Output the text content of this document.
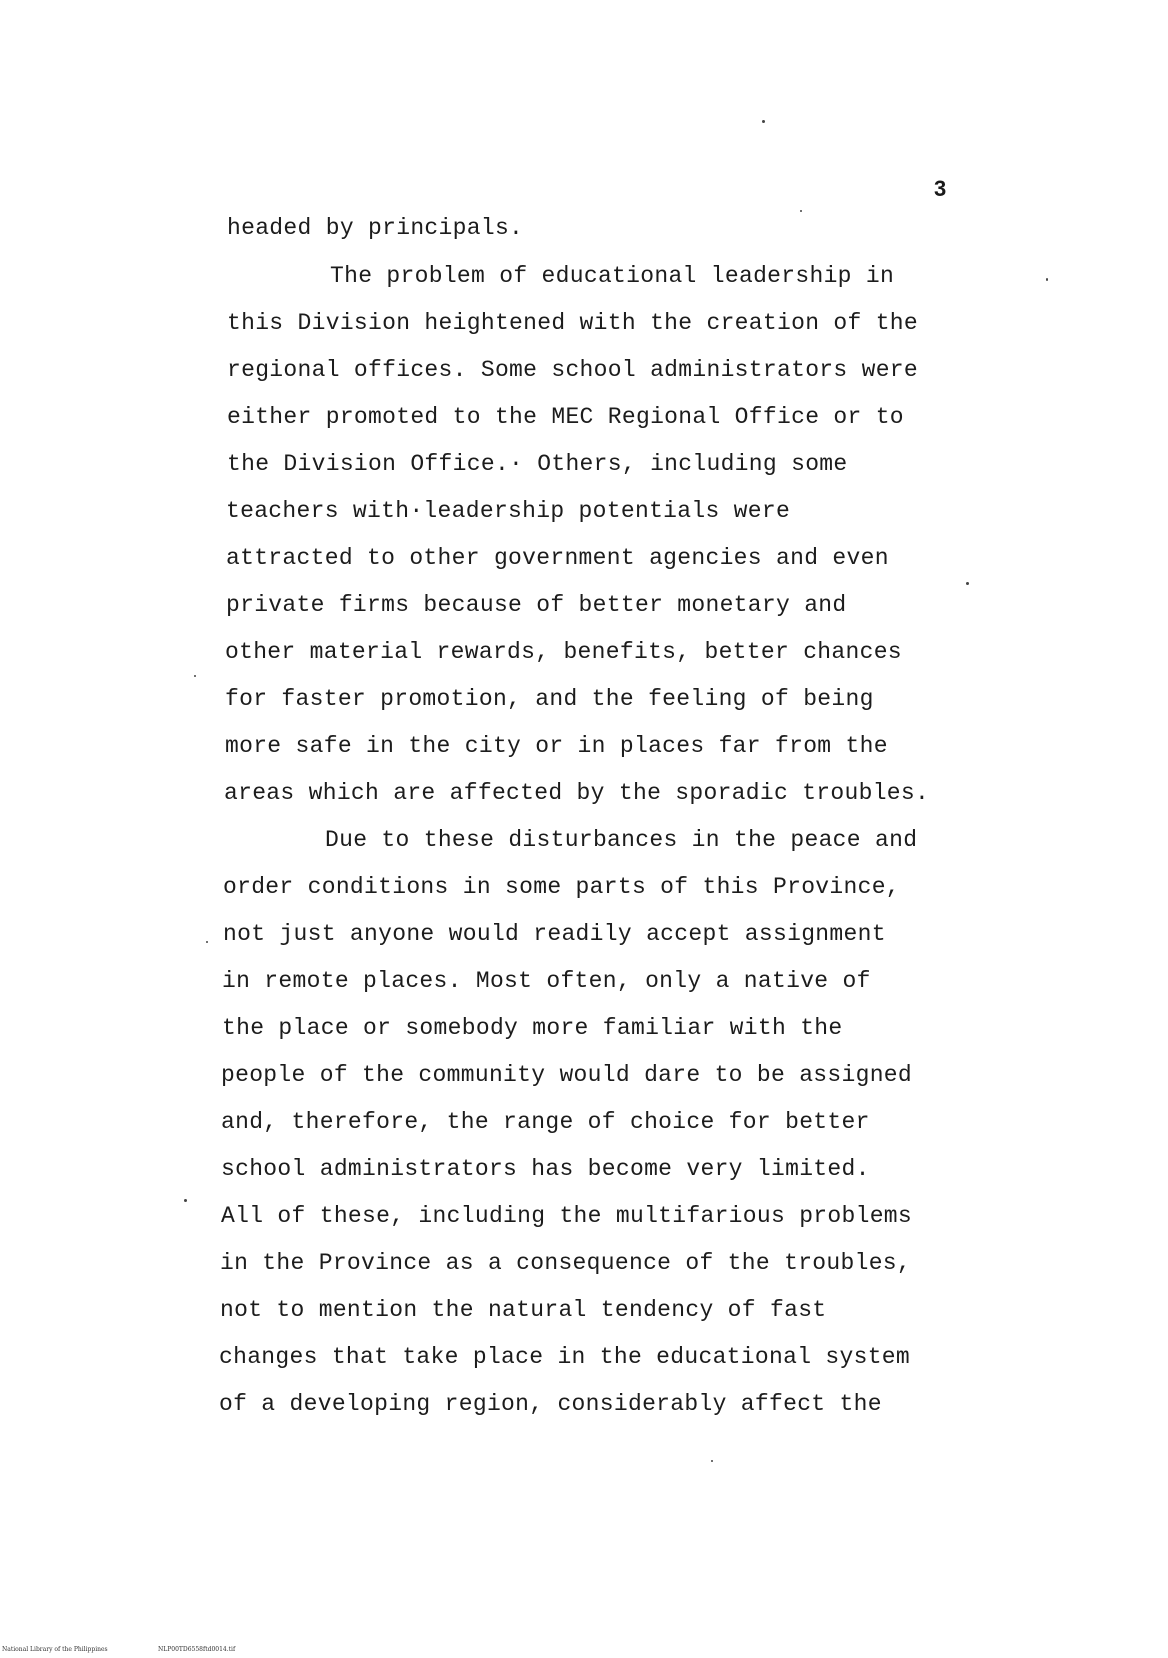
3
headed by principals.
The problem of educational leadership in
this Division heightened with the creation of the
regional offices. Some school administrators were
either promoted to the MEC Regional Office or to
the Division Office.· Others, including some
teachers with·leadership potentials were
attracted to other government agencies and even
private firms because of better monetary and
other material rewards, benefits, better chances
for faster promotion, and the feeling of being
more safe in the city or in places far from the
areas which are affected by the sporadic troubles.
Due to these disturbances in the peace and
order conditions in some parts of this Province,
not just anyone would readily accept assignment
in remote places. Most often, only a native of
the place or somebody more familiar with the
people of the community would dare to be assigned
and, therefore, the range of choice for better
school administrators has become very limited.
All of these, including the multifarious problems
in the Province as a consequence of the troubles,
not to mention the natural tendency of fast
changes that take place in the educational system
of a developing region, considerably affect the
National Library of the Philippines	NLP00TD6558ftd0014.tif
